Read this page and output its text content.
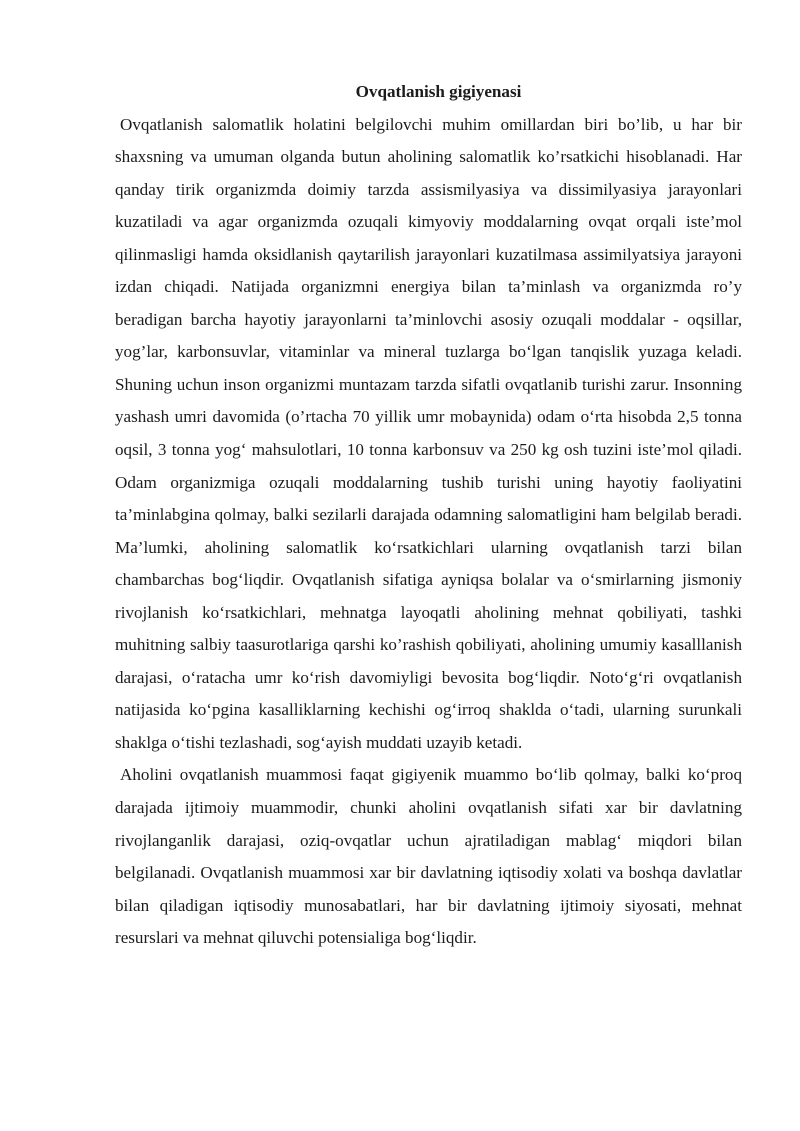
Ovqatlanish gigiyenasi

Ovqatlanish salomatlik holatini belgilovchi muhim omillardan biri bo’lib, u har bir shaxsning va umuman olganda butun aholining salomatlik ko’rsatkichi hisoblanadi. Har qanday tirik organizmda doimiy tarzda assismilyasiya va dissimilyasiya jarayonlari kuzatiladi va agar organizmda ozuqali kimyoviy moddalarning ovqat orqali iste’mol qilinmasligi hamda oksidlanish qaytarilish jarayonlari kuzatilmasa assimilyatsiya jarayoni izdan chiqadi. Natijada organizmni energiya bilan ta’minlash va organizmda ro’y beradigan barcha hayotiy jarayonlarni ta’minlovchi asosiy ozuqali moddalar - oqsillar, yog’lar, karbonsuvlar, vitaminlar va mineral tuzlarga bo‘lgan tanqislik yuzaga keladi. Shuning uchun inson organizmi muntazam tarzda sifatli ovqatlanib turishi zarur. Insonning yashash umri davomida (o’rtacha 70 yillik umr mobaynida) odam o‘rta hisobda 2,5 tonna oqsil, 3 tonna yog‘ mahsulotlari, 10 tonna karbonsuv va 250 kg osh tuzini iste’mol qiladi. Odam organizmiga ozuqali moddalarning tushib turishi uning hayotiy faoliyatini ta’minlabgina qolmay, balki sezilarli darajada odamning salomatligini ham belgilab beradi. Ma’lumki, aholining salomatlik ko‘rsatkichlari ularning ovqatlanish tarzi bilan chambarchas bog‘liqdir. Ovqatlanish sifatiga ayniqsa bolalar va o‘smirlarning jismoniy rivojlanish ko‘rsatkichlari, mehnatga layoqatli aholining mehnat qobiliyati, tashki muhitning salbiy taasurotlariga qarshi ko’rashish qobiliyati, aholining umumiy kasalllanish darajasi, o‘ratacha umr ko‘rish davomiyligi bevosita bog‘liqdir. Noto‘g‘ri ovqatlanish natijasida ko‘pgina kasalliklarning kechishi og‘irroq shaklda o‘tadi, ularning surunkali shaklga o‘tishi tezlashadi, sog‘ayish muddati uzayib ketadi.

Aholini ovqatlanish muammosi faqat gigiyenik muammo bo‘lib qolmay, balki ko‘proq darajada ijtimoiy muammodir, chunki aholini ovqatlanish sifati xar bir davlatning rivojlanganlik darajasi, oziq-ovqatlar uchun ajratiladigan mablag‘ miqdori bilan belgilanadi. Ovqatlanish muammosi xar bir davlatning iqtisodiy xolati va boshqa davlatlar bilan qiladigan iqtisodiy munosabatlari, har bir davlatning ijtimoiy siyosati, mehnat resurslari va mehnat qiluvchi potensialiga bog‘liqdir.
